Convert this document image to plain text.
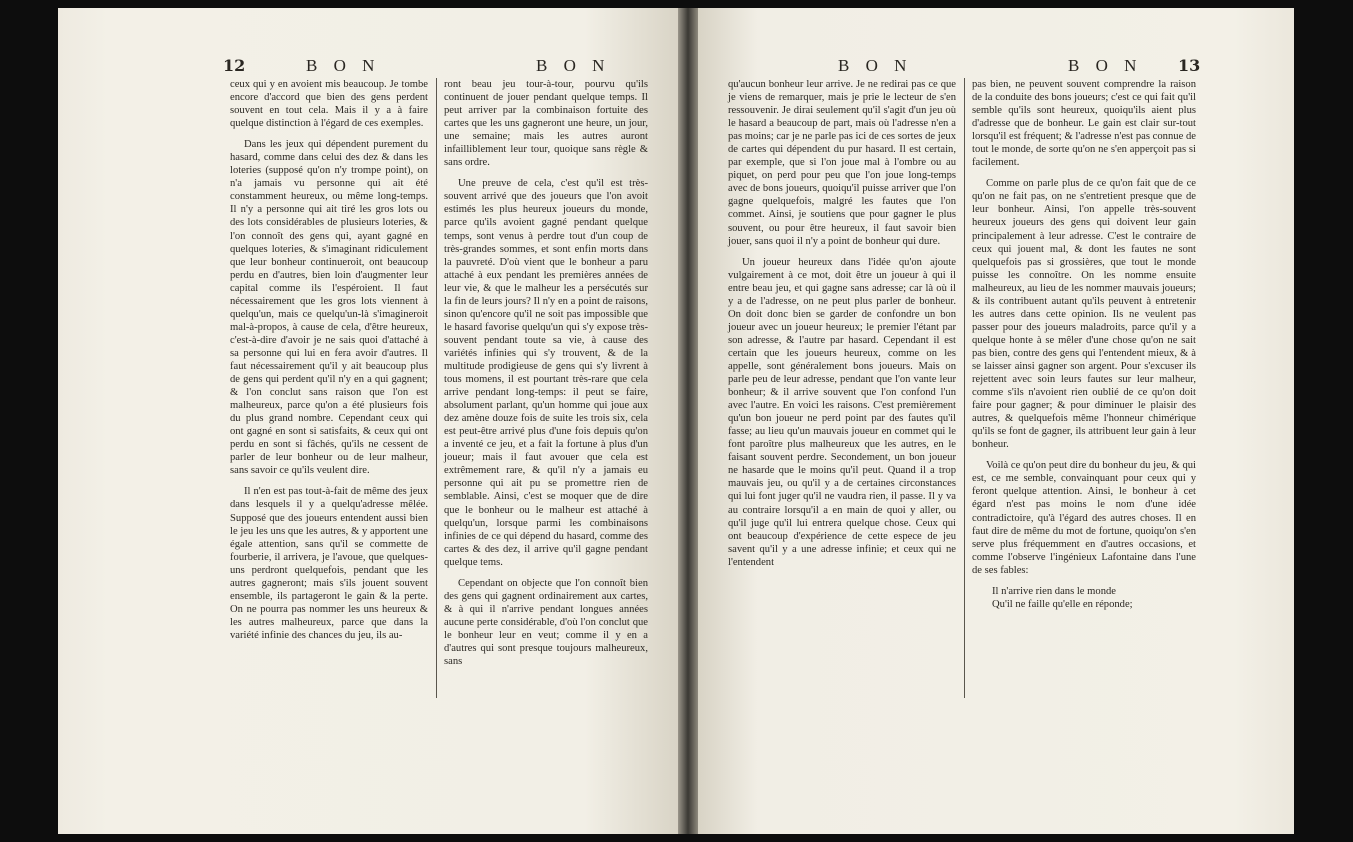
12	B O N	B O N

ceux qui y en avoient mis beaucoup. Je tombe encore d'accord que bien des gens perdent souvent en tout cela. Mais il y a à faire quelque distinction à l'égard de ces exemples.

Dans les jeux qui dépendent purement du hasard, comme dans celui des dez & dans les loteries (supposé qu'on n'y trompe point), on n'a jamais vu personne qui ait été constamment heureux, ou même long-temps. Il n'y a personne qui ait tiré les gros lots ou des lots considérables de plusieurs loteries, & l'on connoît des gens qui, ayant gagné en quelques loteries, & s'imaginant ridiculement que leur bonheur continueroit, ont beaucoup perdu en d'autres, bien loin d'augmenter leur capital comme ils l'espéroient. Il faut nécessairement que les gros lots viennent à quelqu'un, mais ce quelqu'un-là s'imagineroit mal-à-propos, à cause de cela, d'être heureux, c'est-à-dire d'avoir je ne sais quoi d'attaché à sa personne qui lui en fera avoir d'autres. Il faut nécessairement qu'il y ait beaucoup plus de gens qui perdent qu'il n'y en a qui gagnent; & l'on conclut sans raison que l'on est malheureux, parce qu'on a été plusieurs fois du plus grand nombre. Cependant ceux qui ont gagné en sont si satisfaits, & ceux qui ont perdu en sont si fâchés, qu'ils ne cessent de parler de leur bonheur ou de leur malheur, sans savoir ce qu'ils veulent dire.

Il n'en est pas tout-à-fait de même des jeux dans lesquels il y a quelqu'adresse mêlée. Supposé que des joueurs entendent aussi bien le jeu les uns que les autres, & y apportent une égale attention, sans qu'il se commette de fourberie, il arrivera, je l'avoue, que quelques-uns perdront quelquefois, pendant que les autres gagneront; mais s'ils jouent souvent ensemble, ils partageront le gain & la perte. On ne pourra pas nommer les uns heureux & les autres malheureux, parce que dans la variété infinie des chances du jeu, ils au-

ront beau jeu tour-à-tour, pourvu qu'ils continuent de jouer pendant quelque temps. Il peut arriver par la combinaison fortuite des cartes que les uns gagneront une heure, un jour, une semaine; mais les autres auront infailliblement leur tour, quoique sans règle & sans ordre.

Une preuve de cela, c'est qu'il est très-souvent arrivé que des joueurs que l'on avoit estimés les plus heureux joueurs du monde, parce qu'ils avoient gagné pendant quelque temps, sont venus à perdre tout d'un coup de très-grandes sommes, et sont enfin morts dans la pauvreté. D'où vient que le bonheur a paru attaché à eux pendant les premières années de leur vie, & que le malheur les a persécutés sur la fin de leurs jours? Il n'y en a point de raisons, sinon qu'encore qu'il ne soit pas impossible que le hasard favorise quelqu'un qui s'y expose très-souvent pendant toute sa vie, à cause des variétés infinies qui s'y trouvent, & de la multitude prodigieuse de gens qui s'y livrent à tous momens, il est pourtant très-rare que cela arrive pendant long-temps: il peut se faire, absolument parlant, qu'un homme qui joue aux dez amène douze fois de suite les trois six, cela est peut-être arrivé plus d'une fois depuis qu'on a inventé ce jeu, et a fait la fortune à plus d'un joueur; mais il faut avouer que cela est extrêmement rare, & qu'il n'y a jamais eu personne qui ait pu se promettre rien de semblable. Ainsi, c'est se moquer que de dire que le bonheur ou le malheur est attaché à quelqu'un, lorsque parmi les combinaisons infinies de ce qui dépend du hasard, comme des cartes & des dez, il arrive qu'il gagne pendant quelque tems.

Cependant on objecte que l'on connoît bien des gens qui gagnent ordinairement aux cartes, & à qui il n'arrive pendant longues années aucune perte considérable, d'où l'on conclut que le bonheur leur en veut; comme il y en a d'autres qui sont presque toujours malheureux, sans

B O N	B O N 13

qu'aucun bonheur leur arrive. Je ne redirai pas ce que je viens de remarquer, mais je prie le lecteur de s'en ressouvenir. Je dirai seulement qu'il s'agit d'un jeu où le hasard a beaucoup de part, mais où l'adresse n'en a pas moins; car je ne parle pas ici de ces sortes de jeux de cartes qui dépendent du pur hasard. Il est certain, par exemple, que si l'on joue mal à l'ombre ou au piquet, on perd pour peu que l'on joue long-temps avec de bons joueurs, quoiqu'il puisse arriver que l'on gagne quelquefois, malgré les fautes que l'on commet. Ainsi, je soutiens que pour gagner le plus souvent, ou pour être heureux, il faut savoir bien jouer, sans quoi il n'y a point de bonheur qui dure.

Un joueur heureux dans l'idée qu'on ajoute vulgairement à ce mot, doit être un joueur à qui il entre beau jeu, et qui gagne sans adresse; car là où il y a de l'adresse, on ne peut plus parler de bonheur. On doit donc bien se garder de confondre un bon joueur avec un joueur heureux; le premier l'étant par son adresse, & l'autre par hasard. Cependant il est certain que les joueurs heureux, comme on les appelle, sont généralement bons joueurs. Mais on parle peu de leur adresse, pendant que l'on vante leur bonheur; & il arrive souvent que l'on confond l'un avec l'autre. En voici les raisons. C'est premièrement qu'un bon joueur ne perd point par des fautes qu'il fasse; au lieu qu'un mauvais joueur en commet qui le font paroître plus malheureux que les autres, en le faisant souvent perdre. Secondement, un bon joueur ne hasarde que le moins qu'il peut. Quand il a trop mauvais jeu, ou qu'il y a de certaines circonstances qui lui font juger qu'il ne vaudra rien, il passe. Il y va au contraire lorsqu'il a en main de quoi y aller, ou qu'il juge qu'il lui entrera quelque chose. Ceux qui ont beaucoup d'expérience de cette espece de jeu savent qu'il y a une adresse infinie; et ceux qui ne l'entendent

pas bien, ne peuvent souvent comprendre la raison de la conduite des bons joueurs; c'est ce qui fait qu'il semble qu'ils sont heureux, quoiqu'ils aient plus d'adresse que de bonheur. Le gain est clair sur-tout lorsqu'il est fréquent; & l'adresse n'est pas connue de tout le monde, de sorte qu'on ne s'en apperçoit pas si facilement.

Comme on parle plus de ce qu'on fait que de ce qu'on ne fait pas, on ne s'entretient presque que de leur bonheur. Ainsi, l'on appelle très-souvent heureux joueurs des gens qui doivent leur gain principalement à leur adresse. C'est le contraire de ceux qui jouent mal, & dont les fautes ne sont quelquefois pas si grossières, que tout le monde puisse les connoître. On les nomme ensuite malheureux, au lieu de les nommer mauvais joueurs; & ils contribuent autant qu'ils peuvent à entretenir les autres dans cette opinion. Ils ne veulent pas passer pour des joueurs maladroits, parce qu'il y a quelque honte à se mêler d'une chose qu'on ne sait pas bien, contre des gens qui l'entendent mieux, & à se laisser ainsi gagner son argent. Pour s'excuser ils rejettent avec soin leurs fautes sur leur malheur, comme s'ils n'avoient rien oublié de ce qu'on doit faire pour gagner; & pour diminuer le plaisir des autres, & quelquefois même l'honneur chimérique qu'ils se font de gagner, ils attribuent leur gain à leur bonheur.

Voilà ce qu'on peut dire du bonheur du jeu, & qui est, ce me semble, convainquant pour ceux qui y feront quelque attention. Ainsi, le bonheur à cet égard n'est pas moins le nom d'une idée contradictoire, qu'à l'égard des autres choses. Il en faut dire de même du mot de fortune, quoiqu'on s'en serve plus fréquemment en d'autres occasions, et comme l'observe l'ingénieux Lafontaine dans l'une de ses fables:

Il n'arrive rien dans le monde

Qu'il ne faille qu'elle en réponde;
